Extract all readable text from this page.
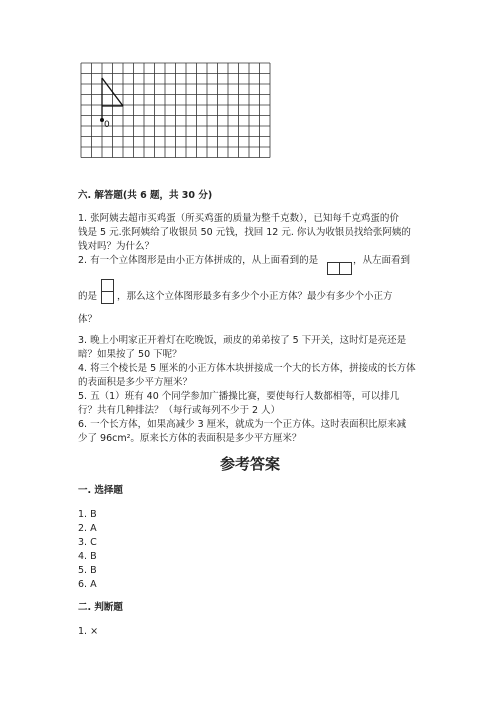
0
六. 解答题(共 6 题，共 30 分)
1. 张阿姨去超市买鸡蛋（所买鸡蛋的质量为整千克数），已知每千克鸡蛋的价
钱是 5 元.张阿姨给了收银员 50 元钱，找回 12 元. 你认为收银员找给张阿姨的
钱对吗？为什么？
2. 有一个立体图形是由小正方体拼成的，从上面看到的是	，从左面看到
的是 ，那么这个立体图形最多有多少个小正方体？最少有多少个小正方
体？
3. 晚上小明家正开着灯在吃晚饭，顽皮的弟弟按了 5 下开关，这时灯是亮还是
暗？如果按了 50 下呢？
4. 将三个棱长是 5 厘米的小正方体木块拼接成一个大的长方体，拼接成的长方体
的表面积是多少平方厘米？
5. 五（1）班有 40 个同学参加广播操比赛，要使每行人数都相等，可以排几
行？共有几种排法？（每行或每列不少于 2 人）
6. 一个长方体，如果高减少 3 厘米，就成为一个正方体。这时表面积比原来减
少了 96cm²。原来长方体的表面积是多少平方厘米？
参考答案
一. 选择题
1. B
2. A
3. C
4. B
5. B
6. A
二. 判断题
1. ×
